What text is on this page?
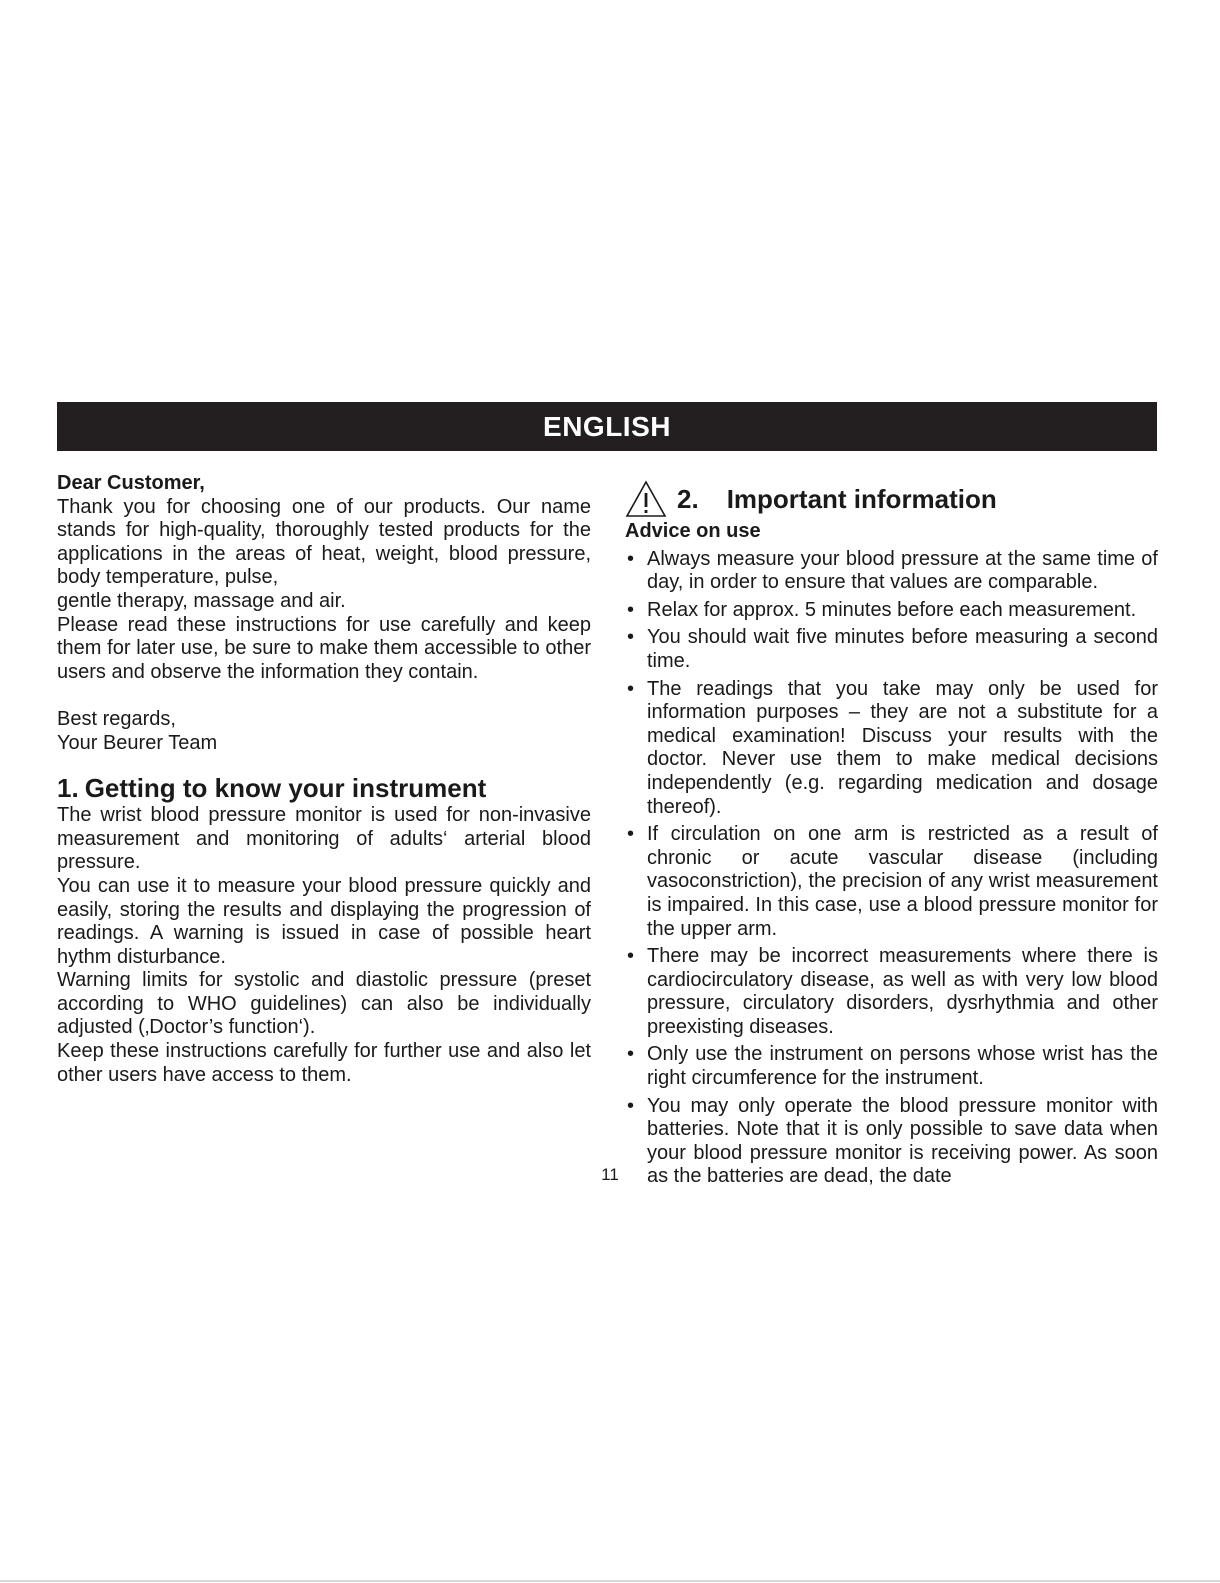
ENGLISH
Dear Customer,

Thank you for choosing one of our products. Our name stands for high-quality, thoroughly tested products for the applications in the areas of heat, weight, blood pressure, body temperature, pulse,

gentle therapy, massage and air.

Please read these instructions for use carefully and keep them for later use, be sure to make them accessible to other users and observe the information they contain.

Best regards,
Your Beurer Team
1. Getting to know your instrument

The wrist blood pressure monitor is used for non-invasive measurement and monitoring of adults‘ arterial blood pressure.

You can use it to measure your blood pressure quickly and easily, storing the results and displaying the progression of readings. A warning is issued in case of possible heart hythm disturbance.

Warning limits for systolic and diastolic pressure (preset according to WHO guidelines) can also be individually adjusted (‚Doctor’s function‘).

Keep these instructions carefully for further use and also let other users have access to them.

2. Important information
Advice on use
• Always measure your blood pressure at the same time of day, in order to ensure that values are comparable.
• Relax for approx. 5 minutes before each measurement.
• You should wait five minutes before measuring a second time.
• The readings that you take may only be used for information purposes – they are not a substitute for a medical examination! Discuss your results with the doctor. Never use them to make medical decisions independently (e.g. regarding medication and dosage thereof).
• If circulation on one arm is restricted as a result of chronic or acute vascular disease (including vasoconstriction), the precision of any wrist measurement is impaired. In this case, use a blood pressure monitor for the upper arm.
• There may be incorrect measurements where there is cardiocirculatory disease, as well as with very low blood pressure, circulatory disorders, dysrhythmia and other preexisting diseases.
• Only use the instrument on persons whose wrist has the right circumference for the instrument.
• You may only operate the blood pressure monitor with batteries. Note that it is only possible to save data when your blood pressure monitor is receiving power. As soon as the batteries are dead, the date
11
